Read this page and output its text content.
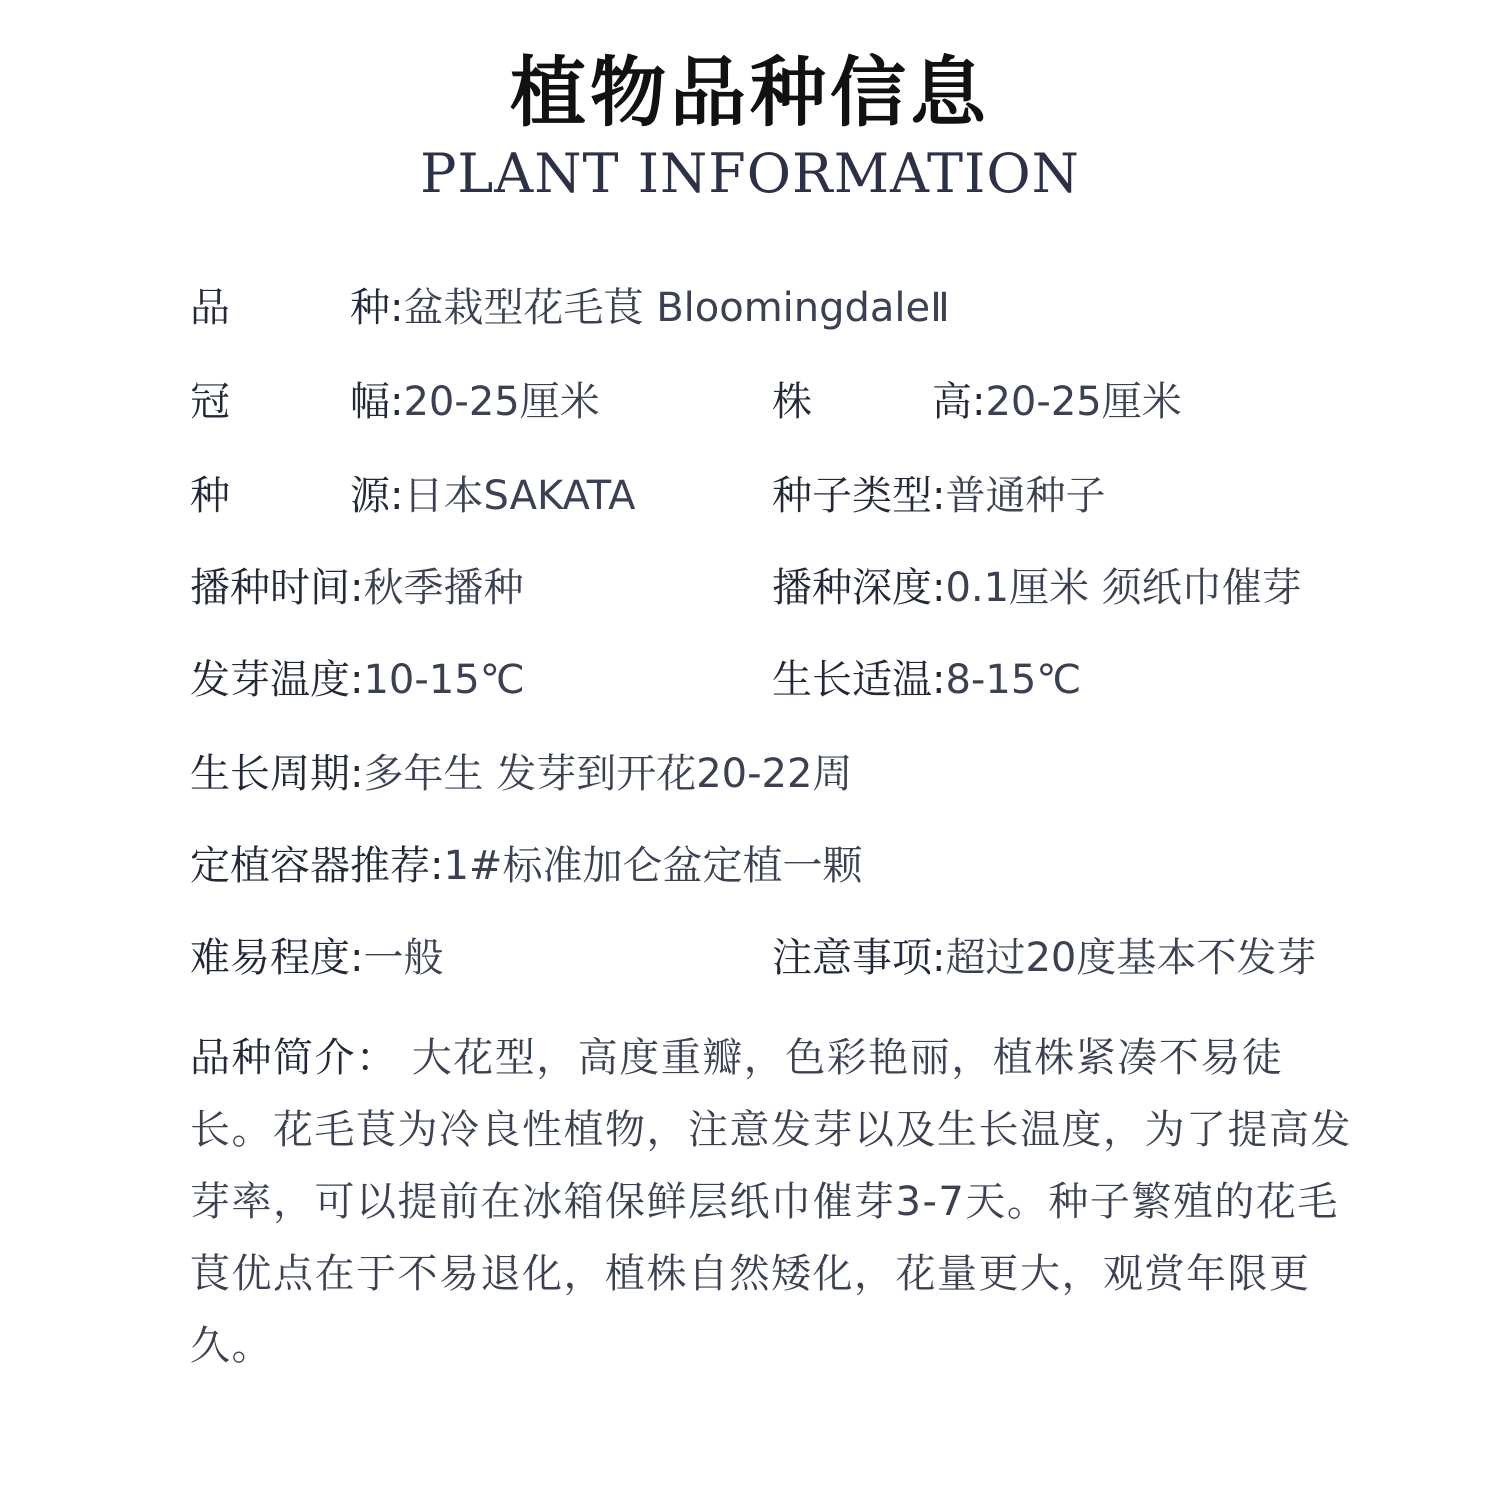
植物品种信息
PLANT INFORMATION
品种:盆栽型花毛茛 BloomingdaleⅡ
冠幅:20-25厘米	株高:20-25厘米
种源:日本SAKATA	种子类型:普通种子
播种时间:秋季播种	播种深度:0.1厘米 须纸巾催芽
发芽温度:10-15℃	生长适温:8-15℃
生长周期:多年生 发芽到开花20-22周
定植容器推荐:1#标准加仑盆定植一颗
难易程度:一般	注意事项:超过20度基本不发芽
品种简介： 大花型，高度重瓣，色彩艳丽，植株紧凑不易徒长。花毛茛为冷良性植物，注意发芽以及生长温度，为了提高发芽率，可以提前在冰箱保鲜层纸巾催芽3-7天。种子繁殖的花毛茛优点在于不易退化，植株自然矮化，花量更大，观赏年限更久。
